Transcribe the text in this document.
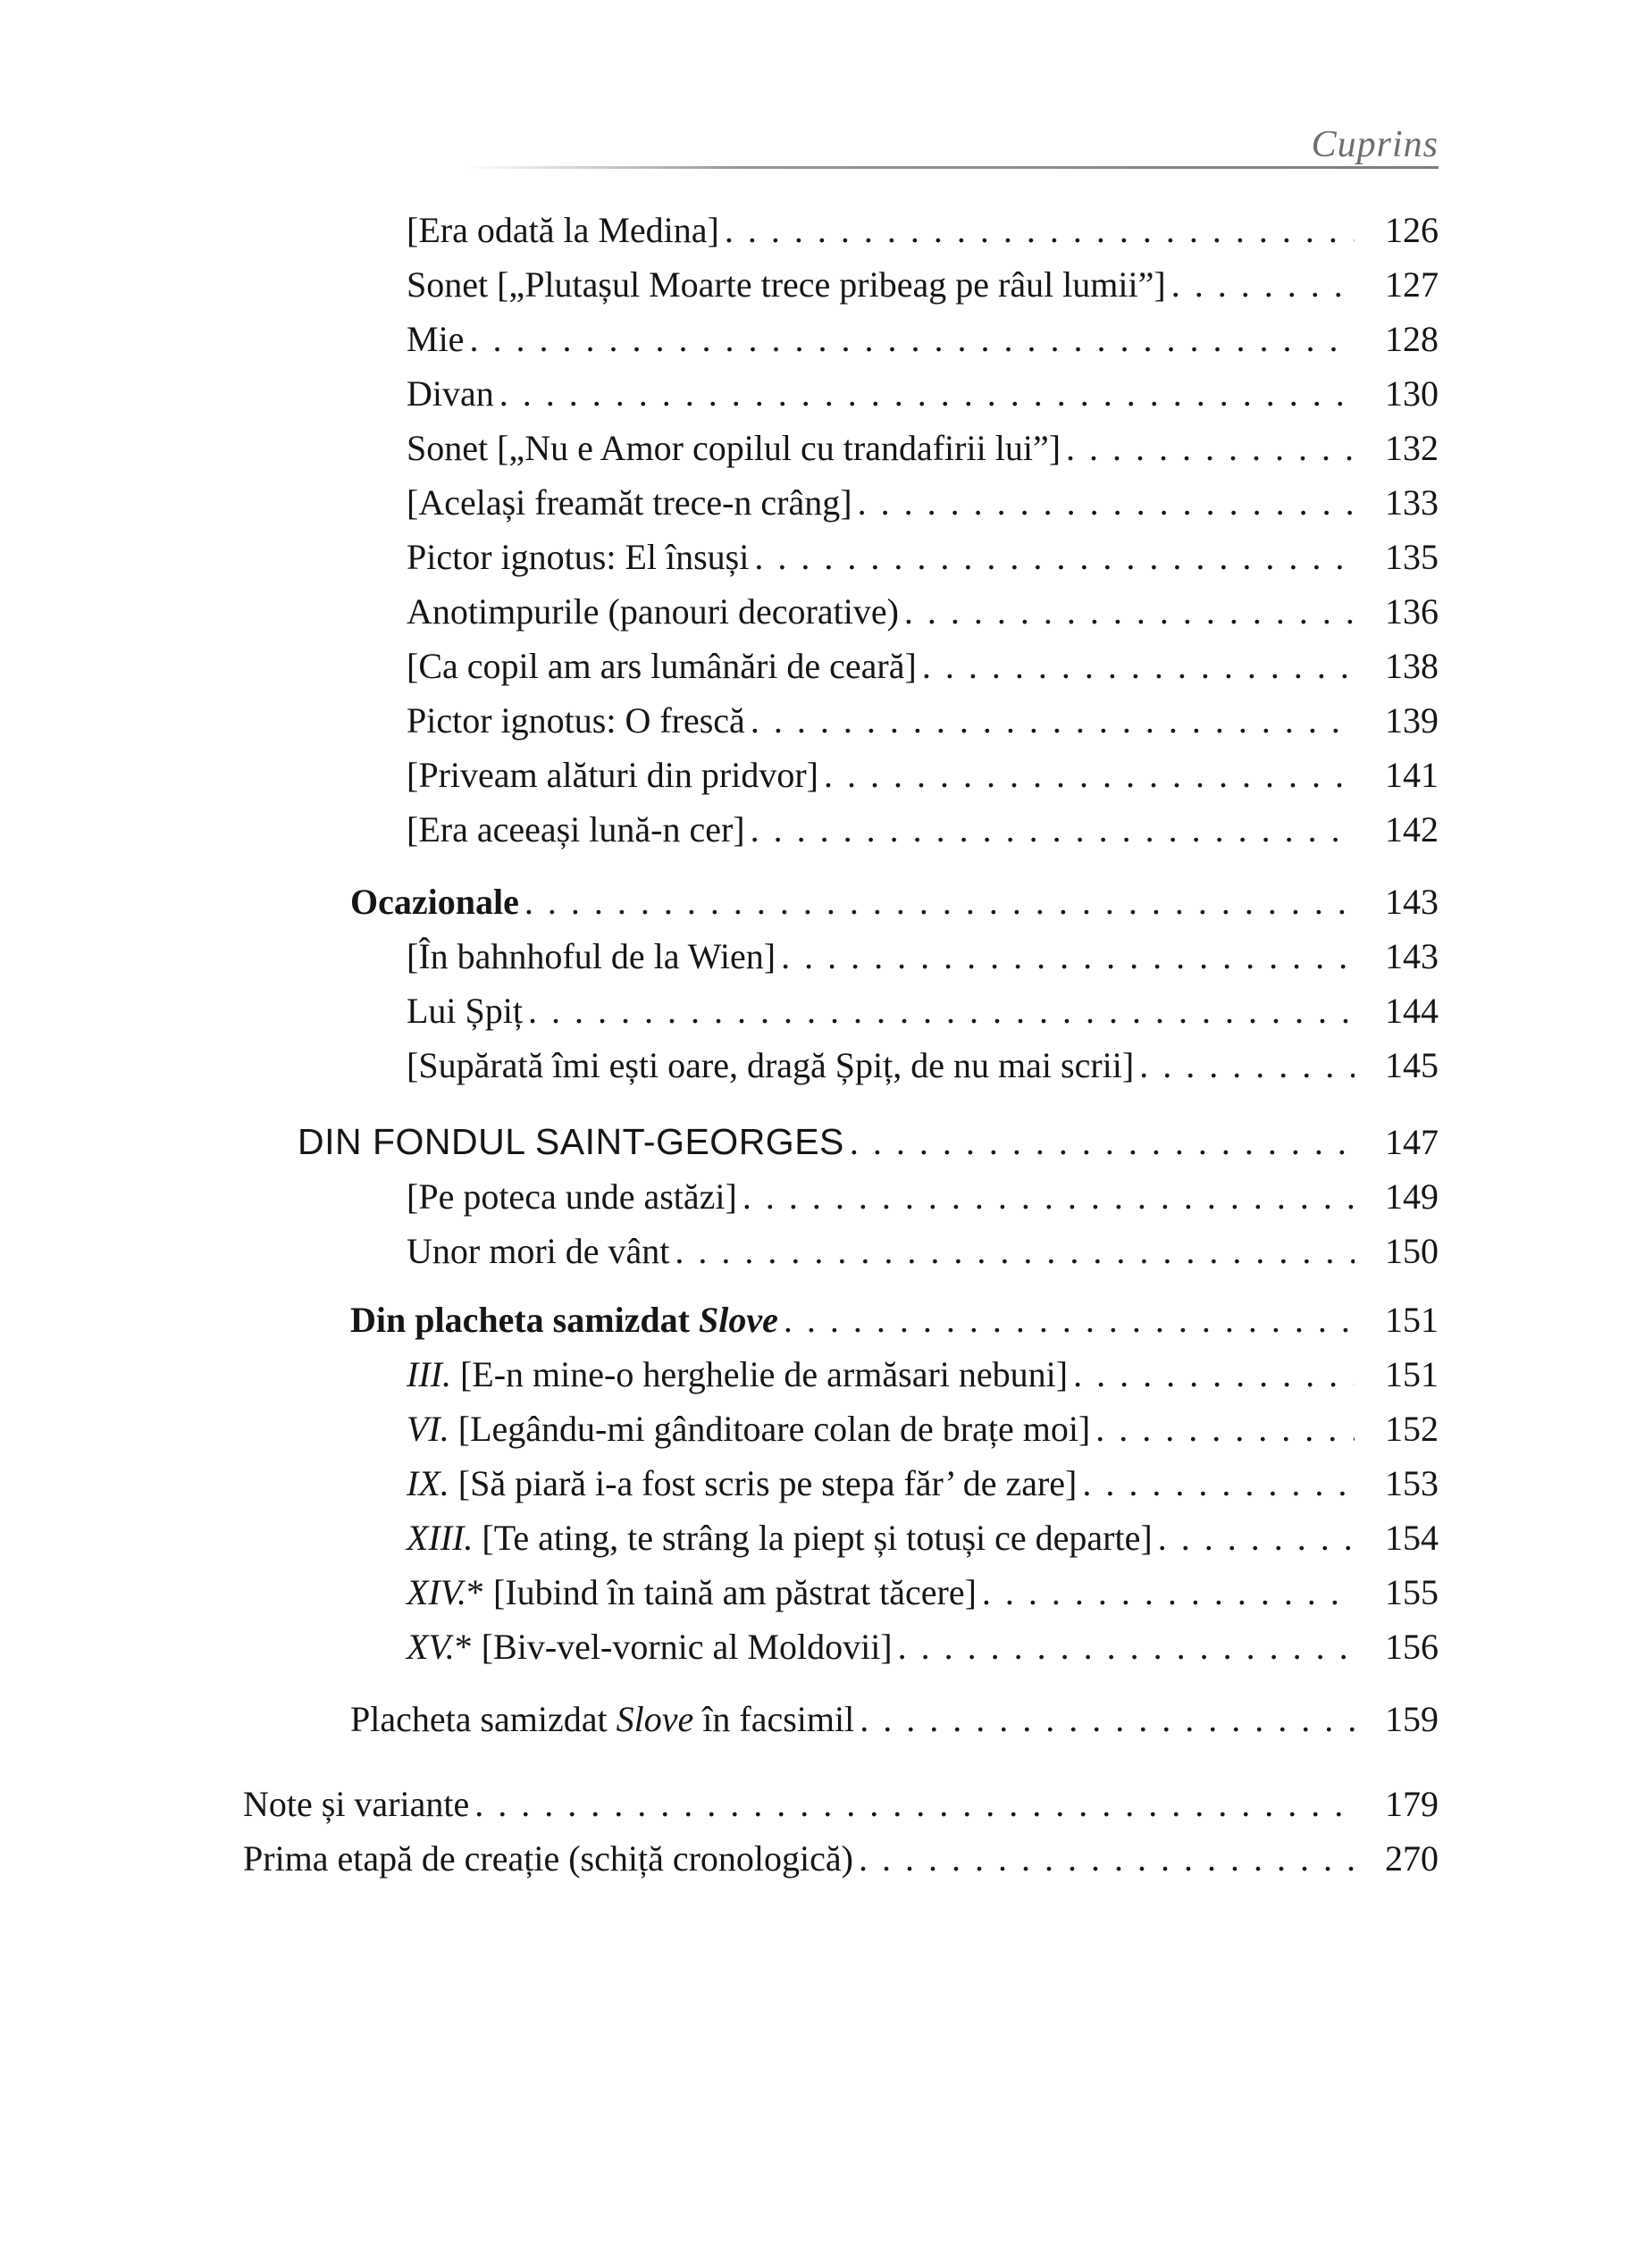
Cuprins
[Era odată la Medina] . . .	126
Sonet [„Plutașul Moarte trece pribeag pe râul lumii”] . . .	127
Mie . . .	128
Divan . . .	130
Sonet [„Nu e Amor copilul cu trandafirii lui”] . . .	132
[Același freamăt trece-n crâng] . . .	133
Pictor ignotus: El însuși . . .	135
Anotimpurile (panouri decorative) . . .	136
[Ca copil am ars lumânări de ceară] . . .	138
Pictor ignotus: O frescă . . .	139
[Priveam alături din pridvor] . . .	141
[Era aceeași lună-n cer] . . .	142
Ocazionale . . .	143
[În bahnhoful de la Wien] . . .	143
Lui Șpiț . . .	144
[Supărată îmi ești oare, dragă Șpiț, de nu mai scrii] . . .	145
DIN FONDUL SAINT-GEORGES . . .	147
[Pe poteca unde astăzi] . . .	149
Unor mori de vânt . . .	150
Din placheta samizdat Slove . . .	151
III. [E-n mine-o herghelie de armăsari nebuni] . . .	151
VI. [Legându-mi gânditoare colan de brațe moi] . . .	152
IX. [Să piară i-a fost scris pe stepa făr’ de zare] . . .	153
XIII. [Te ating, te strâng la piept și totuși ce departe] . . .	154
XIV.* [Iubind în taină am păstrat tăcere] . . .	155
XV.* [Biv-vel-vornic al Moldovii] . . .	156
Placheta samizdat Slove în facsimil . . .	159
Note și variante . . .	179
Prima etapă de creație (schiță cronologică) . . .	270
